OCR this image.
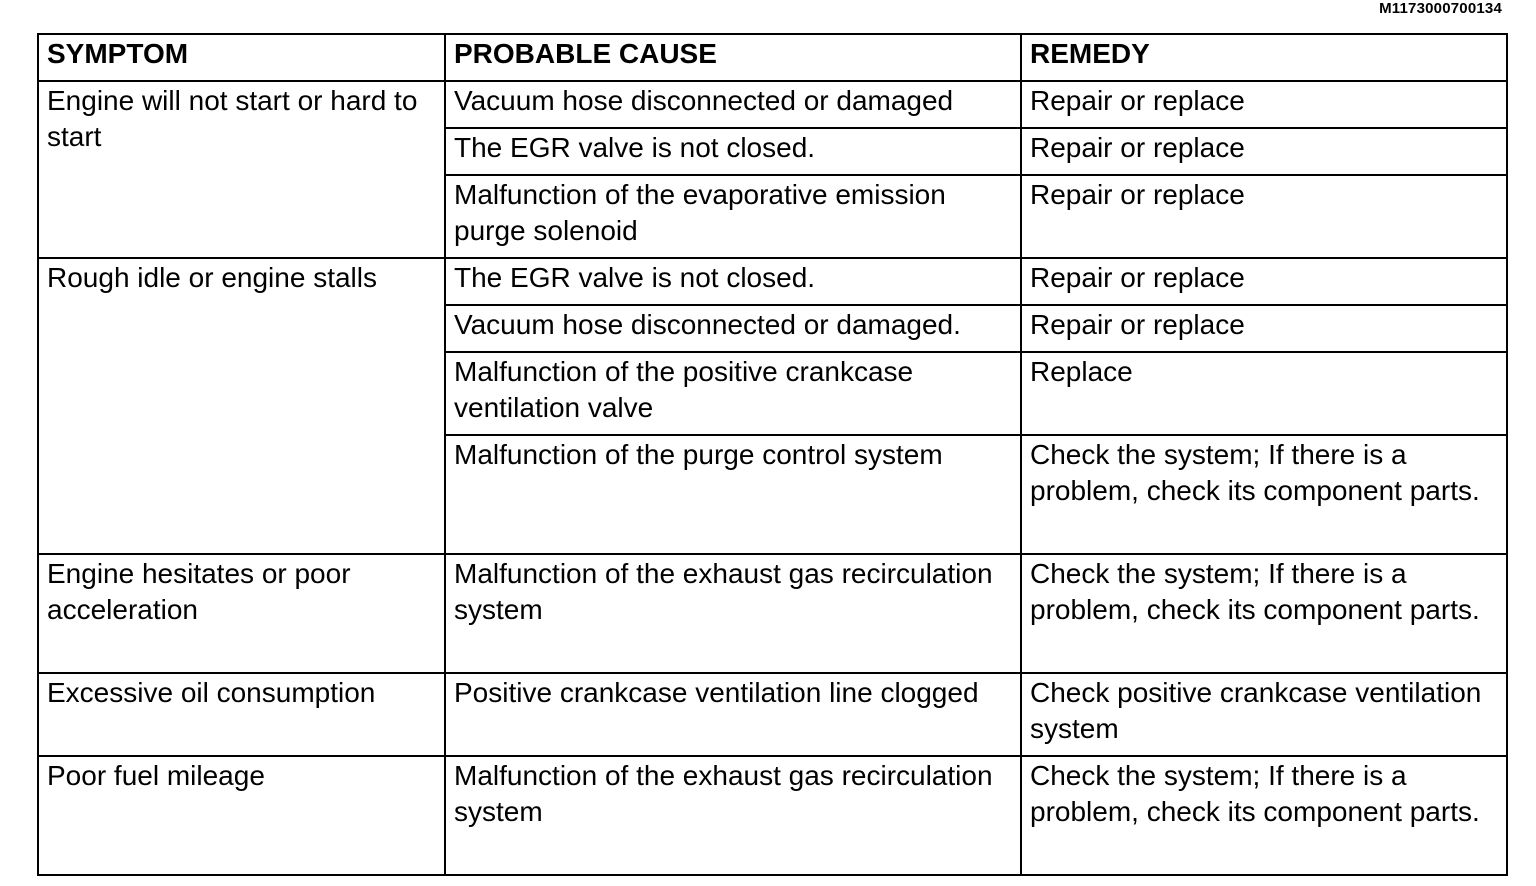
M1173000700134
SYMPTOM	PROBABLE CAUSE	REMEDY
Engine will not start or hard to start	Vacuum hose disconnected or damaged	Repair or replace
	The EGR valve is not closed.	Repair or replace
	Malfunction of the evaporative emission purge solenoid	Repair or replace
Rough idle or engine stalls	The EGR valve is not closed.	Repair or replace
	Vacuum hose disconnected or damaged.	Repair or replace
	Malfunction of the positive crankcase ventilation valve	Replace
	Malfunction of the purge control system	Check the system; If there is a problem, check its component parts.
Engine hesitates or poor acceleration	Malfunction of the exhaust gas recirculation system	Check the system; If there is a problem, check its component parts.
Excessive oil consumption	Positive crankcase ventilation line clogged	Check positive crankcase ventilation system
Poor fuel mileage	Malfunction of the exhaust gas recirculation system	Check the system; If there is a problem, check its component parts.
